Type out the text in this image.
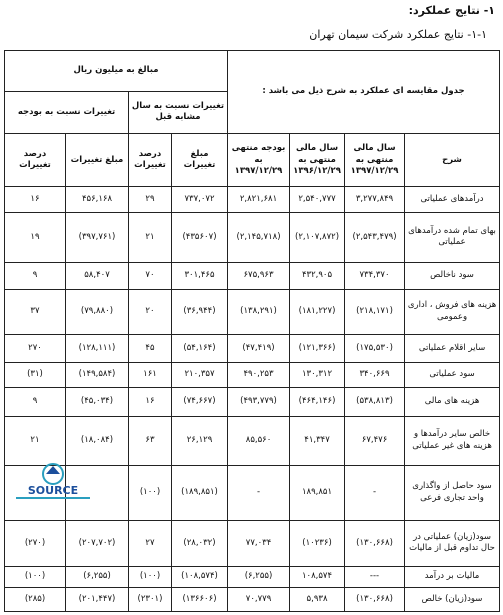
۱- نتایج عملکرد:
۱-۱- نتایج عملکرد شرکت سیمان تهران
جدول مقایسه ای عملکرد به شرح ذیل می باشد :				مبالغ به میلیون ریال			
				تغییرات نسبت به سال مشابه قبل		تغییرات نسبت به بودجه	
شرح	سال مالی منتهی به ۱۳۹۷/۱۲/۲۹	سال مالی منتهی به ۱۳۹۶/۱۲/۲۹	بودجه منتهی به ۱۳۹۷/۱۲/۲۹	مبلغ تغییرات	درصد تغییرات	مبلغ تغییرات	درصد تغییرات
درآمدهای عملیاتی	۳,۲۷۷,۸۴۹	۲,۵۴۰,۷۷۷	۲,۸۲۱,۶۸۱	۷۳۷,۰۷۲	۲۹	۴۵۶,۱۶۸	۱۶
بهای تمام شده درآمدهای عملیاتی	(۲,۵۴۳,۴۷۹)	(۲,۱۰۷,۸۷۲)	(۲,۱۴۵,۷۱۸)	(۴۳۵۶۰۷)	۲۱	(۳۹۷,۷۶۱)	۱۹
سود ناخالص	۷۳۴,۳۷۰	۴۳۲,۹۰۵	۶۷۵,۹۶۳	۳۰۱,۴۶۵	۷۰	۵۸,۴۰۷	۹
هزینه های فروش ، اداری وعمومی	(۲۱۸,۱۷۱)	(۱۸۱,۲۲۷)	(۱۳۸,۲۹۱)	(۳۶,۹۴۴)	۲۰	(۷۹,۸۸۰)	۳۷
سایر اقلام عملیاتی	(۱۷۵,۵۳۰)	(۱۲۱,۳۶۶)	(۴۷,۴۱۹)	(۵۴,۱۶۴)	۴۵	(۱۲۸,۱۱۱)	۲۷۰
سود عملیاتی	۳۴۰,۶۶۹	۱۳۰,۳۱۲	۴۹۰,۲۵۳	۲۱۰,۳۵۷	۱۶۱	(۱۴۹,۵۸۴)	(۳۱)
هزینه های مالی	(۵۳۸,۸۱۳)	(۴۶۴,۱۴۶)	(۴۹۳,۷۷۹)	(۷۴,۶۶۷)	۱۶	(۴۵,۰۳۴)	۹
خالص سایر درآمدها و هزینه های غیر عملیاتی	۶۷,۴۷۶	۴۱,۳۴۷	۸۵,۵۶۰	۲۶,۱۲۹	۶۳	(۱۸,۰۸۴)	۲۱
سود حاصل از واگذاری واحد تجاری فرعی	-	۱۸۹,۸۵۱	-	(۱۸۹,۸۵۱)	(۱۰۰)		
سود(زیان) عملیاتی در حال تداوم قبل از مالیات	(۱۳۰,۶۶۸)	(۱۰۲۳۶)	۷۷,۰۳۴	(۲۸,۰۳۲)	۲۷	(۲۰۷,۷۰۲)	(۲۷۰)
مالیات بر درآمد	---	۱۰۸,۵۷۴	(۶,۲۵۵)	(۱۰۸,۵۷۴)	(۱۰۰)	(۶,۲۵۵)	(۱۰۰)
سود(زیان) خالص	(۱۳۰,۶۶۸)	۵,۹۳۸	۷۰,۷۷۹	(۱۳۶۶۰۶)	(۲۳۰۱)	(۲۰۱,۴۴۷)	(۲۸۵)
SOURCE
